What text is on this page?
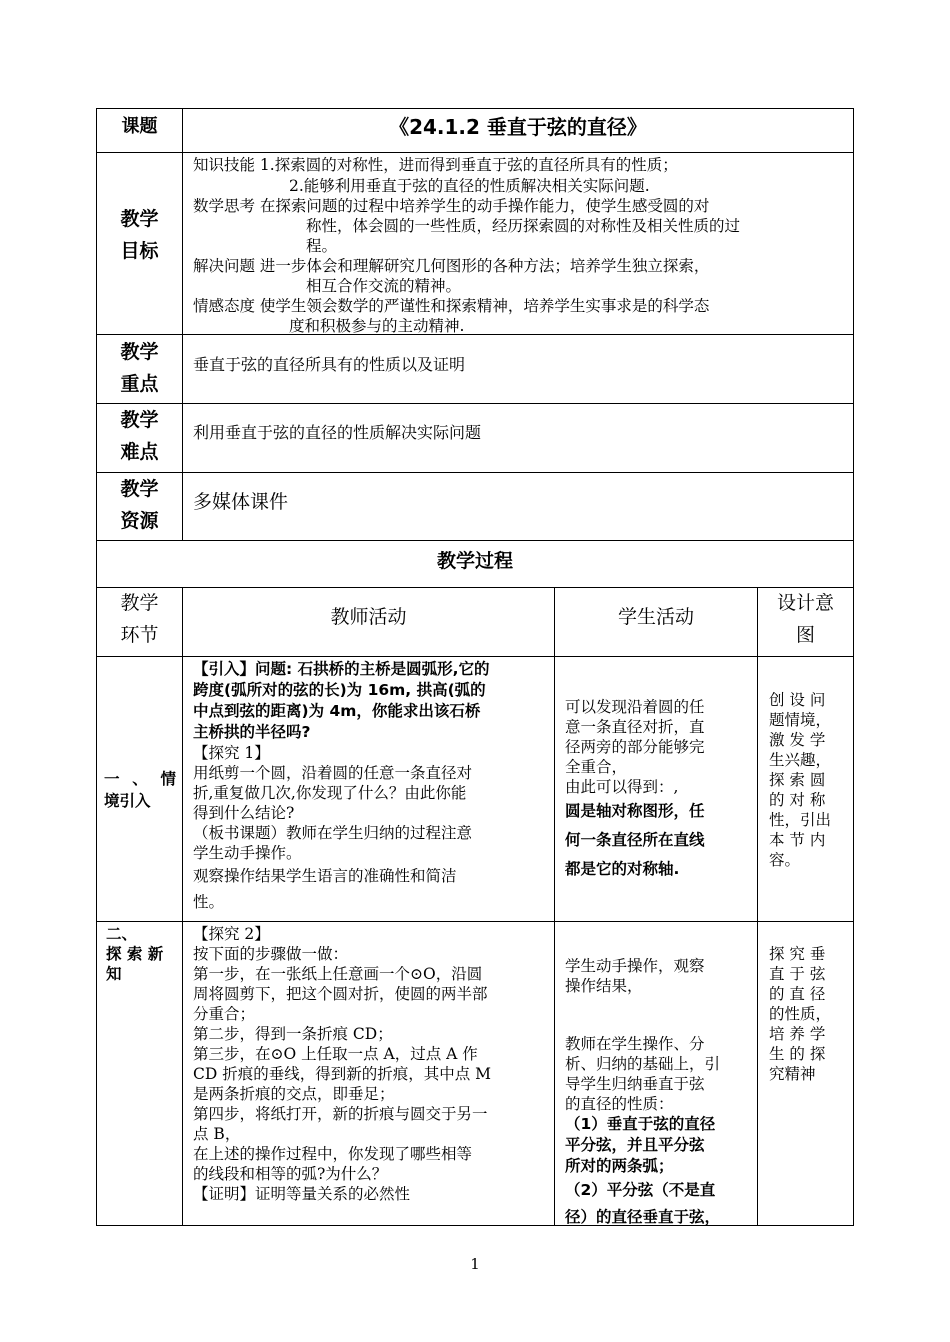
课题	《24.1.2 垂直于弦的直径》
教学
目标
知识技能 1.探索圆的对称性，进而得到垂直于弦的直径所具有的性质；
2.能够利用垂直于弦的直径的性质解决相关实际问题.
数学思考 在探索问题的过程中培养学生的动手操作能力，使学生感受圆的对
称性，体会圆的一些性质，经历探索圆的对称性及相关性质的过
程。
解决问题 进一步体会和理解研究几何图形的各种方法；培养学生独立探索，
相互合作交流的精神。
情感态度 使学生领会数学的严谨性和探索精神，培养学生实事求是的科学态
度和积极参与的主动精神.
教学
重点
垂直于弦的直径所具有的性质以及证明
教学
难点
利用垂直于弦的直径的性质解决实际问题
教学
资源
多媒体课件
教学过程
教学
环节
教师活动	学生活动
设计意
图
一、情
境引入
【引入】问题: 石拱桥的主桥是圆弧形,它的
跨度(弧所对的弦的长)为 16m, 拱高(弧的
中点到弦的距离)为 4m，你能求出该石桥
主桥拱的半径吗?
【探究 1】
用纸剪一个圆，沿着圆的任意一条直径对
折,重复做几次,你发现了什么？由此你能
得到什么结论?
（板书课题）教师在学生归纳的过程注意
学生动手操作。
观察操作结果学生语言的准确性和简洁
性。
可以发现沿着圆的任
意一条直径对折，直
径两旁的部分能够完
全重合，
由此可以得到：,
圆是轴对称图形，任
何一条直径所在直线
都是它的对称轴.
创 设 问
题情境，
激 发 学
生兴趣，
探 索 圆
的 对 称
性，引出
本 节 内
容。
二、
探 索 新
知
【探究 2】
按下面的步骤做一做：
第一步，在一张纸上任意画一个⊙O，沿圆
周将圆剪下，把这个圆对折，使圆的两半部
分重合；
第二步，得到一条折痕 CD；
第三步，在⊙O 上任取一点 A，过点 A 作
CD 折痕的垂线，得到新的折痕，其中点 M
是两条折痕的交点，即垂足；
第四步，将纸打开，新的折痕与圆交于另一
点 B，
在上述的操作过程中，你发现了哪些相等
的线段和相等的弧?为什么？
【证明】证明等量关系的必然性
学生动手操作，观察
操作结果，
教师在学生操作、分
析、归纳的基础上，引
导学生归纳垂直于弦
的直径的性质：
（1）垂直于弦的直径
平分弦，并且平分弦
所对的两条弧；
（2）平分弦（不是直
径）的直径垂直于弦，
探 究 垂
直 于 弦
的 直 径
的性质，
培 养 学
生 的 探
究精神
1
